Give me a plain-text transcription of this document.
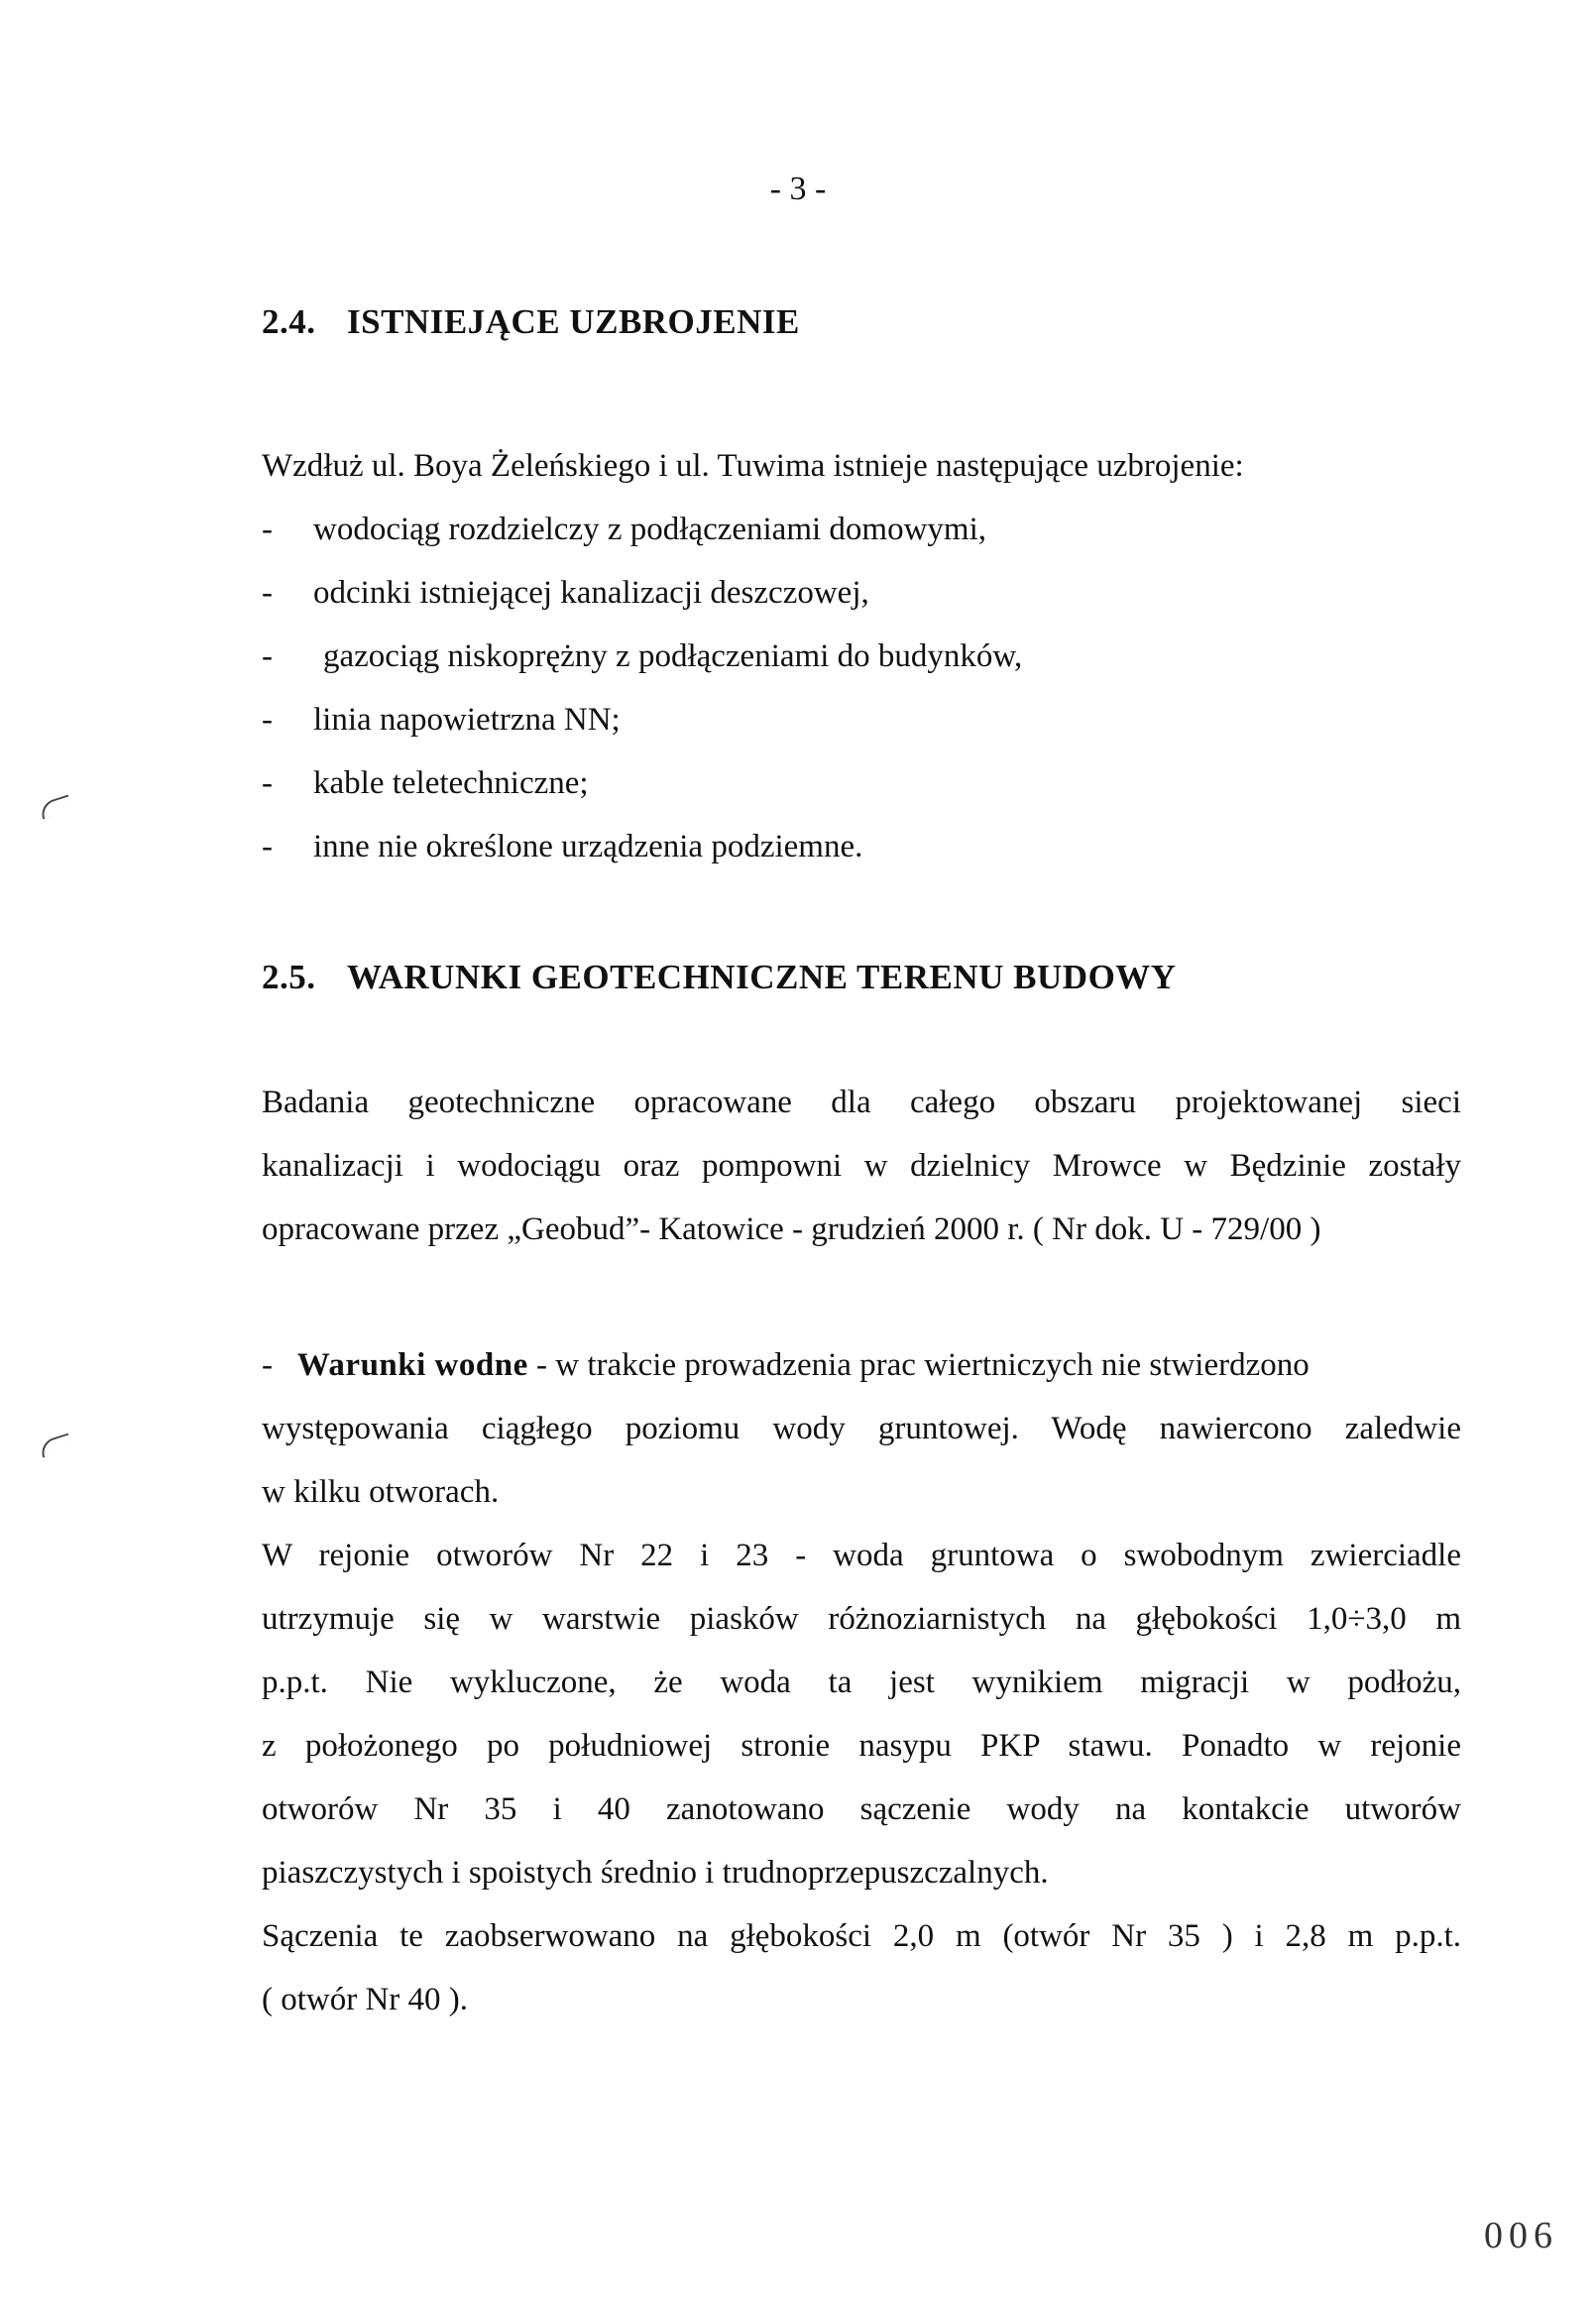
- 3 -
2.4. ISTNIEJĄCE UZBROJENIE
Wzdłuż ul. Boya Żeleńskiego i ul. Tuwima istnieje następujące uzbrojenie:
- wodociąg rozdzielczy z podłączeniami domowymi,
- odcinki istniejącej kanalizacji deszczowej,
- gazociąg niskoprężny z podłączeniami do budynków,
- linia napowietrzna NN;
- kable teletechniczne;
- inne nie określone urządzenia podziemne.
2.5. WARUNKI GEOTECHNICZNE TERENU BUDOWY
Badania geotechniczne opracowane dla całego obszaru projektowanej sieci
kanalizacji i wodociągu oraz pompowni w dzielnicy Mrowce w Będzinie zostały
opracowane przez „Geobud”- Katowice - grudzień 2000 r. ( Nr dok. U - 729/00 )
-   Warunki wodne - w trakcie prowadzenia prac wiertniczych nie stwierdzono
występowania ciągłego poziomu wody gruntowej. Wodę nawiercono zaledwie
w kilku otworach.
W rejonie otworów Nr 22 i 23 - woda gruntowa o swobodnym zwierciadle
utrzymuje się w warstwie piasków różnoziarnistych na głębokości 1,0÷3,0 m
p.p.t. Nie wykluczone, że woda ta jest wynikiem migracji w podłożu,
z położonego po południowej stronie nasypu PKP stawu. Ponadto w rejonie
otworów Nr 35 i 40 zanotowano sączenie wody na kontakcie utworów
piaszczystych i spoistych średnio i trudnoprzepuszczalnych.
Sączenia te zaobserwowano na głębokości 2,0 m (otwór Nr 35 ) i 2,8 m p.p.t.
( otwór Nr 40 ).
006
